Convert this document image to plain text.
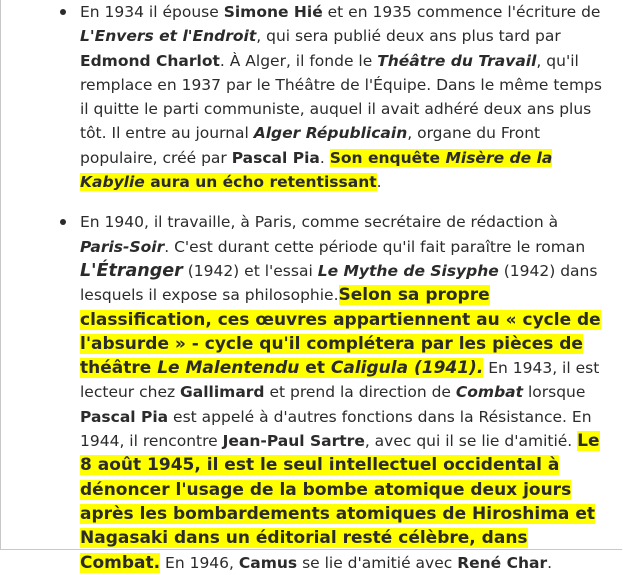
En 1934 il épouse Simone Hié et en 1935 commence l'écriture de L'Envers et l'Endroit, qui sera publié deux ans plus tard par Edmond Charlot. À Alger, il fonde le Théâtre du Travail, qu'il remplace en 1937 par le Théâtre de l'Équipe. Dans le même temps il quitte le parti communiste, auquel il avait adhéré deux ans plus tôt. Il entre au journal Alger Républicain, organe du Front populaire, créé par Pascal Pia. Son enquête Misère de la Kabylie aura un écho retentissant.
En 1940, il travaille, à Paris, comme secrétaire de rédaction à Paris-Soir. C'est durant cette période qu'il fait paraître le roman L'Étranger (1942) et l'essai Le Mythe de Sisyphe (1942) dans lesquels il expose sa philosophie.Selon sa propre classification, ces œuvres appartiennent au « cycle de l'absurde » - cycle qu'il complétera par les pièces de théâtre Le Malentendu et Caligula (1941). En 1943, il est lecteur chez Gallimard et prend la direction de Combat lorsque Pascal Pia est appelé à d'autres fonctions dans la Résistance. En 1944, il rencontre Jean-Paul Sartre, avec qui il se lie d'amitié. Le 8 août 1945, il est le seul intellectuel occidental à dénoncer l'usage de la bombe atomique deux jours après les bombardements atomiques de Hiroshima et Nagasaki dans un éditorial resté célèbre, dans Combat. En 1946, Camus se lie d'amitié avec René Char.
